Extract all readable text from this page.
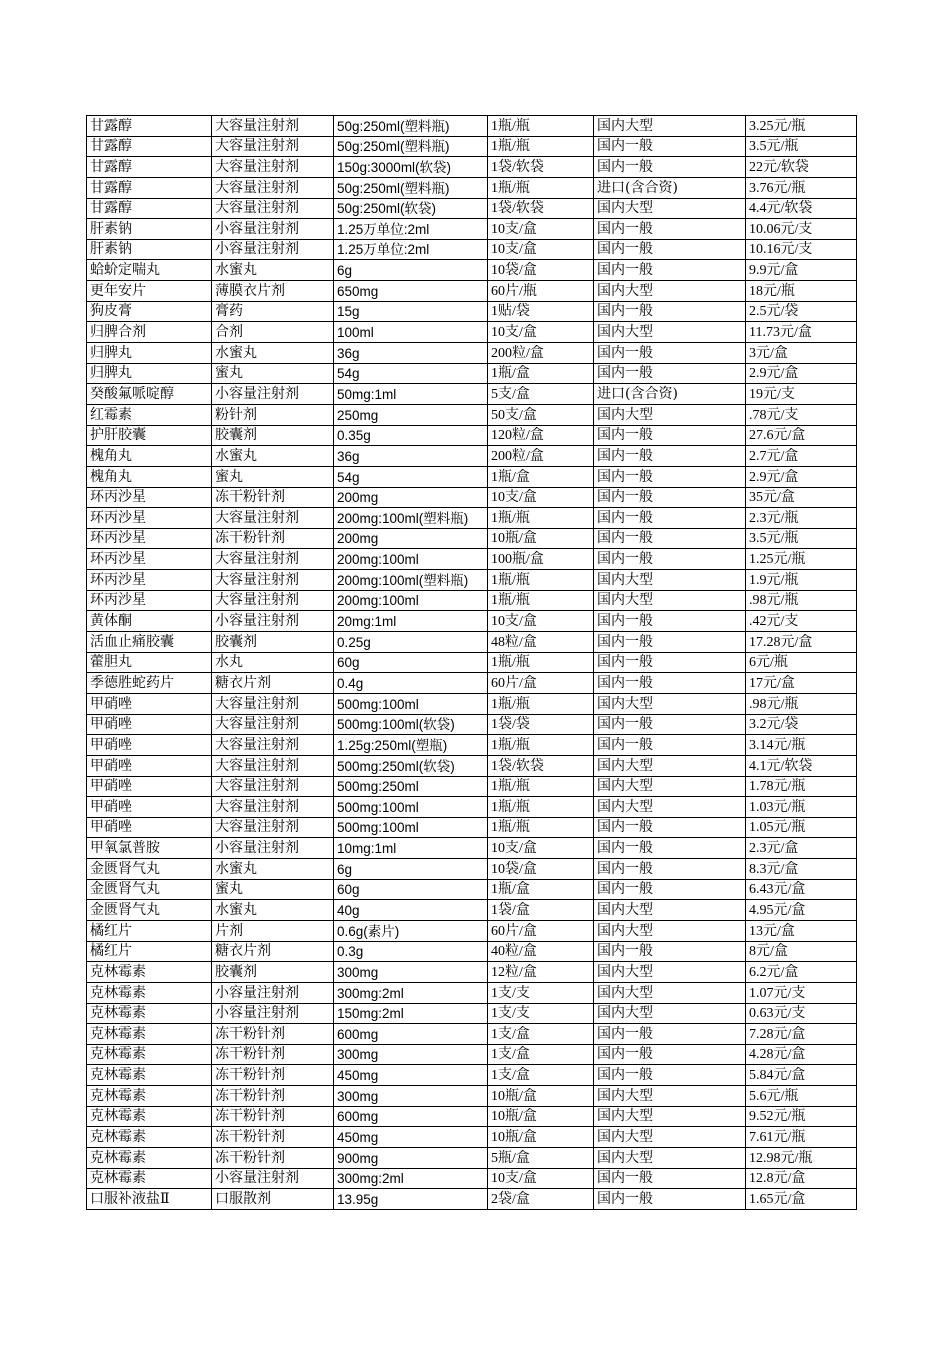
甘露醇	大容量注射剂	50g:250ml(塑料瓶)	1瓶/瓶	国内大型	3.25元/瓶
甘露醇	大容量注射剂	50g:250ml(塑料瓶)	1瓶/瓶	国内一般	3.5元/瓶
甘露醇	大容量注射剂	150g:3000ml(软袋)	1袋/软袋	国内一般	22元/软袋
甘露醇	大容量注射剂	50g:250ml(塑料瓶)	1瓶/瓶	进口(含合资)	3.76元/瓶
甘露醇	大容量注射剂	50g:250ml(软袋)	1袋/软袋	国内大型	4.4元/软袋
肝素钠	小容量注射剂	1.25万单位:2ml	10支/盒	国内一般	10.06元/支
肝素钠	小容量注射剂	1.25万单位:2ml	10支/盒	国内一般	10.16元/支
蛤蚧定喘丸	水蜜丸	6g	10袋/盒	国内一般	9.9元/盒
更年安片	薄膜衣片剂	650mg	60片/瓶	国内大型	18元/瓶
狗皮膏	膏药	15g	1贴/袋	国内一般	2.5元/袋
归脾合剂	合剂	100ml	10支/盒	国内大型	11.73元/盒
归脾丸	水蜜丸	36g	200粒/盒	国内一般	3元/盒
归脾丸	蜜丸	54g	1瓶/盒	国内一般	2.9元/盒
癸酸氟哌啶醇	小容量注射剂	50mg:1ml	5支/盒	进口(含合资)	19元/支
红霉素	粉针剂	250mg	50支/盒	国内大型	.78元/支
护肝胶囊	胶囊剂	0.35g	120粒/盒	国内一般	27.6元/盒
槐角丸	水蜜丸	36g	200粒/盒	国内一般	2.7元/盒
槐角丸	蜜丸	54g	1瓶/盒	国内一般	2.9元/盒
环丙沙星	冻干粉针剂	200mg	10支/盒	国内一般	35元/盒
环丙沙星	大容量注射剂	200mg:100ml(塑料瓶)	1瓶/瓶	国内一般	2.3元/瓶
环丙沙星	冻干粉针剂	200mg	10瓶/盒	国内一般	3.5元/瓶
环丙沙星	大容量注射剂	200mg:100ml	100瓶/盒	国内一般	1.25元/瓶
环丙沙星	大容量注射剂	200mg:100ml(塑料瓶)	1瓶/瓶	国内大型	1.9元/瓶
环丙沙星	大容量注射剂	200mg:100ml	1瓶/瓶	国内大型	.98元/瓶
黄体酮	小容量注射剂	20mg:1ml	10支/盒	国内一般	.42元/支
活血止痛胶囊	胶囊剂	0.25g	48粒/盒	国内一般	17.28元/盒
藿胆丸	水丸	60g	1瓶/瓶	国内一般	6元/瓶
季德胜蛇药片	糖衣片剂	0.4g	60片/盒	国内一般	17元/盒
甲硝唑	大容量注射剂	500mg:100ml	1瓶/瓶	国内大型	.98元/瓶
甲硝唑	大容量注射剂	500mg:100ml(软袋)	1袋/袋	国内一般	3.2元/袋
甲硝唑	大容量注射剂	1.25g:250ml(塑瓶)	1瓶/瓶	国内一般	3.14元/瓶
甲硝唑	大容量注射剂	500mg:250ml(软袋)	1袋/软袋	国内大型	4.1元/软袋
甲硝唑	大容量注射剂	500mg:250ml	1瓶/瓶	国内大型	1.78元/瓶
甲硝唑	大容量注射剂	500mg:100ml	1瓶/瓶	国内大型	1.03元/瓶
甲硝唑	大容量注射剂	500mg:100ml	1瓶/瓶	国内一般	1.05元/瓶
甲氧氯普胺	小容量注射剂	10mg:1ml	10支/盒	国内一般	2.3元/盒
金匮肾气丸	水蜜丸	6g	10袋/盒	国内一般	8.3元/盒
金匮肾气丸	蜜丸	60g	1瓶/盒	国内一般	6.43元/盒
金匮肾气丸	水蜜丸	40g	1袋/盒	国内大型	4.95元/盒
橘红片	片剂	0.6g(素片)	60片/盒	国内大型	13元/盒
橘红片	糖衣片剂	0.3g	40粒/盒	国内一般	8元/盒
克林霉素	胶囊剂	300mg	12粒/盒	国内大型	6.2元/盒
克林霉素	小容量注射剂	300mg:2ml	1支/支	国内大型	1.07元/支
克林霉素	小容量注射剂	150mg:2ml	1支/支	国内大型	0.63元/支
克林霉素	冻干粉针剂	600mg	1支/盒	国内一般	7.28元/盒
克林霉素	冻干粉针剂	300mg	1支/盒	国内一般	4.28元/盒
克林霉素	冻干粉针剂	450mg	1支/盒	国内一般	5.84元/盒
克林霉素	冻干粉针剂	300mg	10瓶/盒	国内大型	5.6元/瓶
克林霉素	冻干粉针剂	600mg	10瓶/盒	国内大型	9.52元/瓶
克林霉素	冻干粉针剂	450mg	10瓶/盒	国内大型	7.61元/瓶
克林霉素	冻干粉针剂	900mg	5瓶/盒	国内大型	12.98元/瓶
克林霉素	小容量注射剂	300mg:2ml	10支/盒	国内一般	12.8元/盒
口服补液盐Ⅱ	口服散剂	13.95g	2袋/盒	国内一般	1.65元/盒
